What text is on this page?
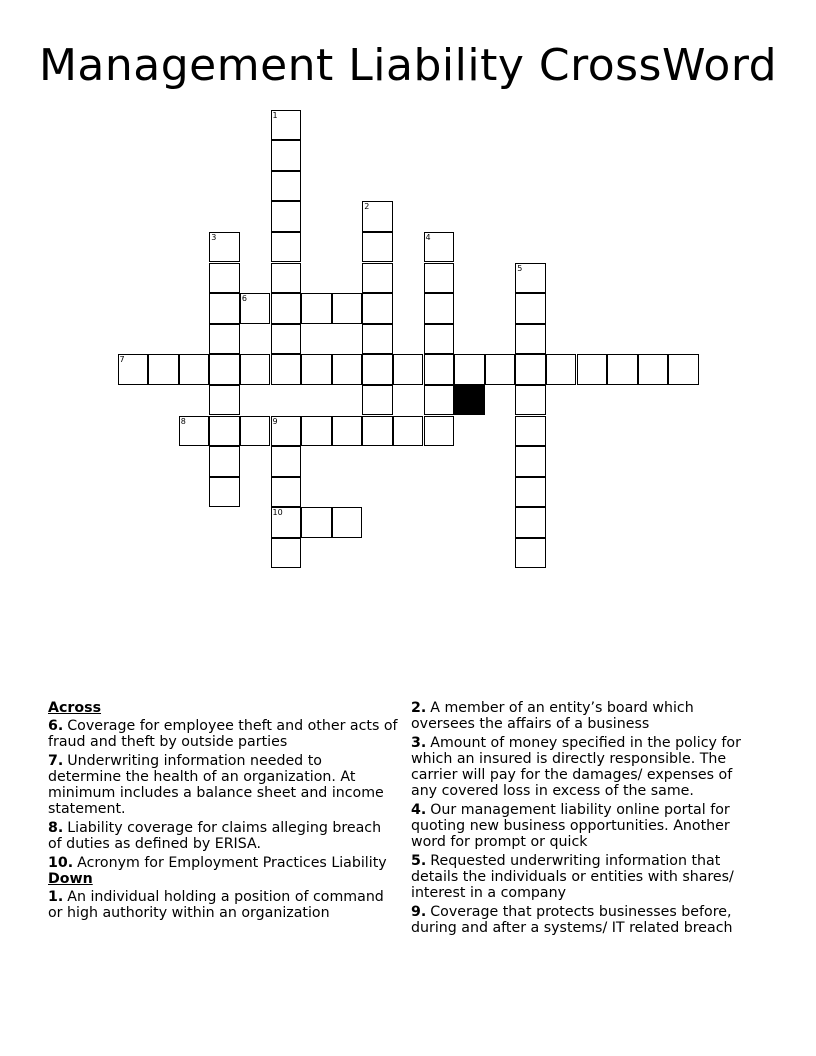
Management Liability CrossWord
1
2
3	4
5
6
7
8	9
10
Across
6. Coverage for employee theft and other acts of fraud and theft by outside parties
7. Underwriting information needed to determine the health of an organization. At minimum includes a balance sheet and income statement.
8. Liability coverage for claims alleging breach of duties as defined by ERISA.
10. Acronym for Employment Practices Liability
Down
1. An individual holding a position of command or high authority within an organization
2. A member of an entity’s board which oversees the affairs of a business
3. Amount of money specified in the policy for which an insured is directly responsible. The carrier will pay for the damages/ expenses of any covered loss in excess of the same.
4. Our management liability online portal for quoting new business opportunities. Another word for prompt or quick
5. Requested underwriting information that details the individuals or entities with shares/ interest in a company
9. Coverage that protects businesses before, during and after a systems/ IT related breach
